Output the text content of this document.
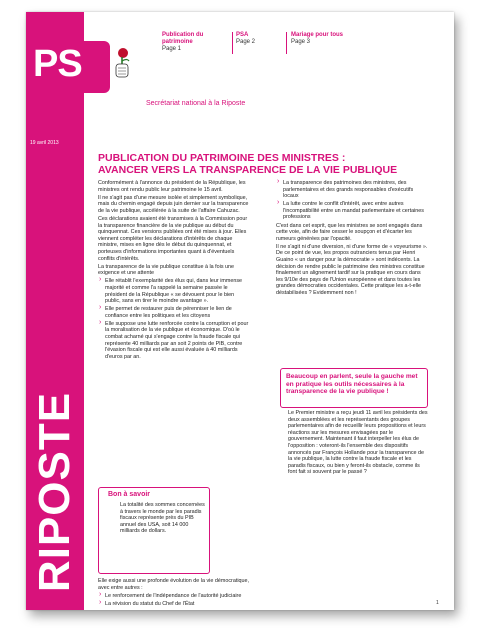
19 avril 2013
RIPOSTE
PS
Publication du patrimoine
Page 1
PSA
Page 2
Mariage pour tous
Page 3
Secrétariat national à la Riposte
PUBLICATION DU PATRIMOINE DES MINISTRES :
AVANCER VERS LA TRANSPARENCE DE LA VIE PUBLIQUE
Conformément à l'annonce du président de la République, les ministres ont rendu public leur patrimoine le 15 avril.
Il ne s'agit pas d'une mesure isolée et simplement symbolique, mais du chemin engagé depuis juin dernier sur la transparence de la vie publique, accélérée à la suite de l'affaire Cahuzac.
Ces déclarations avaient été transmises à la Commission pour la transparence financière de la vie publique au début du quinquennat. Ces versions publiées ont été mises à jour. Elles viennent compléter les déclarations d'intérêts de chaque ministre, mises en ligne dès le début du quinquennat, et porteuses d'informations importantes quant à d'éventuels conflits d'intérêts.
La transparence de la vie publique constitue à la fois une exigence et une attente
› Elle rétablit l'exemplarité des élus qui, dans leur immense majorité et comme l'a rappelé la semaine passée le président de la République « se dévouent pour le bien public, sans en tirer le moindre avantage ».
› Elle permet de restaurer puis de pérenniser le lien de confiance entre les politiques et les citoyens
› Elle suppose une lutte renforcée contre la corruption et pour la moralisation de la vie publique et économique. D'où le combat acharné qui s'engage contre la fraude fiscale qui représente 40 milliards par an soit 2 points de PIB, contre l'évasion fiscale qui est elle aussi évaluée à 40 milliards d'euros par an.
Bon à savoir
La totalité des sommes concernées à travers le monde par les paradis fiscaux représente près du PIB annuel des USA, soit 14 000 milliards de dollars.
Elle exige aussi une profonde évolution de la vie démocratique, avec entre autres :
› Le renforcement de l'indépendance de l'autorité judiciaire
› La révision du statut du Chef de l'État
› La transparence des patrimoines des ministres, des parlementaires et des grands responsables d'exécutifs locaux
› La lutte contre le conflit d'intérêt, avec entre autres l'incompatibilité entre un mandat parlementaire et certaines professions
C'est dans cet esprit, que les ministres se sont engagés dans cette voie, afin de faire cesser le soupçon et d'écarter les rumeurs générées par l'opacité.
Il ne s'agit ni d'une diversion, ni d'une forme de « voyeurisme ». De ce point de vue, les propos outranciers tenus par Henri Guaino « un danger pour la démocratie » sont indécents. La décision de rendre public le patrimoine des ministres constitue finalement un alignement tardif sur la pratique en cours dans les 9/10e des pays de l'Union européenne et dans toutes les grandes démocraties occidentales. Cette pratique les a-t-elle déstabilisées ? Evidemment non !
Beaucoup en parlent, seule la gauche met en pratique les outils nécessaires à la transparence de la vie publique !
Le Premier ministre a reçu jeudi 11 avril les présidents des deux assemblées et les représentants des groupes parlementaires afin de recueillir leurs propositions et leurs réactions sur les mesures envisagées par le gouvernement. Maintenant il faut interpeller les élus de l'opposition : voteront-ils l'ensemble des dispositifs annoncés par François Hollande pour la transparence de la vie publique, la lutte contre la fraude fiscale et les paradis fiscaux, ou bien y feront-ils obstacle, comme ils font fait si souvent par le passé ?
1
